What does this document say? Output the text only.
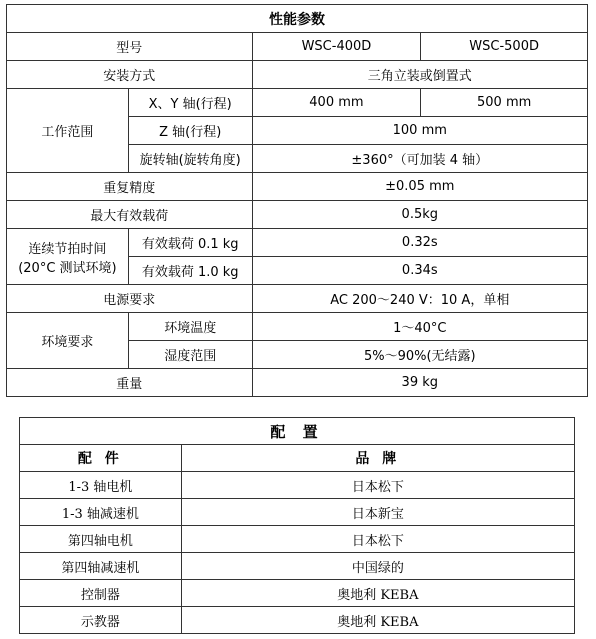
性能参数			
型号		WSC-400D	WSC-500D
安装方式		三角立装或倒置式	
工作范围	X、Y 轴(行程)	400 mm	500 mm
	Z 轴(行程)	100 mm	
	旋转轴(旋转角度)	±360°（可加装 4 轴）	
重复精度		±0.05 mm	
最大有效载荷		0.5kg	

连续节拍时间
(20°C 测试环境)	有效载荷 0.1 kg	0.32s	
	有效载荷 1.0 kg	0.34s	
电源要求		AC 200～240 V：10 A，单相	
环境要求	环境温度	1～40°C	
	湿度范围	5%～90%(无结露)	
重量		39 kg	
配 置	
配 件	品 牌
1-3 轴电机	日本松下
1-3 轴减速机	日本新宝
第四轴电机	日本松下
第四轴减速机	中国绿的
控制器	奥地利 KEBA
示教器	奥地利 KEBA
